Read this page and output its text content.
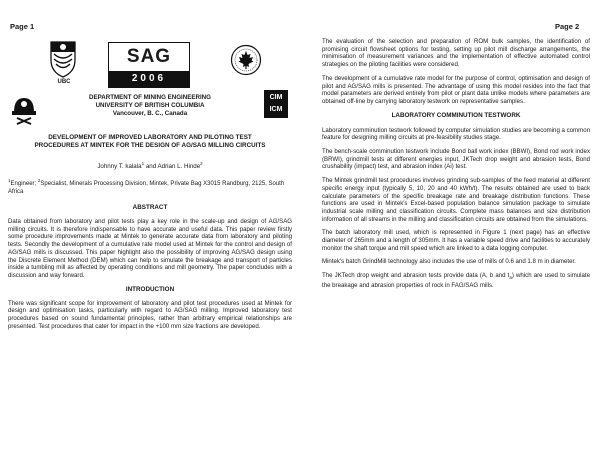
Page 1	Page 2
UBC
SAG
2006
DEPARTMENT OF MINING ENGINEERING
UNIVERSITY OF BRITISH COLUMBIA
Vancouver, B. C., Canada
CIM
ICM
DEVELOPMENT OF IMPROVED LABORATORY AND PILOTING TEST PROCEDURES AT MINTEK FOR THE DESIGN OF AG/SAG MILLING CIRCUITS
Johnny T. kalala$^1$ and Adrian L. Hinde$^2$
$^1$Engineer; $^2$Specialist, Minerals Processing Division, Mintek, Private Bag X3015 Randburg, 2125, South Africa
ABSTRACT
Data obtained from laboratory and pilot tests play a key role in the scale-up and design of AG/SAG milling circuits. It is therefore indispensable to have accurate and useful data. This paper review firstly some procedure improvements made at Mintek to generate accurate data from laboratory and piloting tests. Secondly the development of a cumulative rate model used at Mintek for the control and design of AG/SAG mills is discussed. This paper highlight also the possibility of improving AG/SAG design using the Discrete Element Method (DEM) which can help to simulate the breakage and transport of particles inside a tumbling mill as affected by operating conditions and mill geometry. The paper concludes with a discussion and way forward.
INTRODUCTION
There was significant scope for improvement of laboratory and pilot test procedures used at Mintek for design and optimisation tasks, particularly with regard to AG/SAG milling. Improved laboratory test procedures based on sound fundamental principles, rather than arbitrary empirical relationships are presented. Test procedures that cater for impact in the +100 mm size fractions are developed.
The evaluation of the selection and preparation of ROM bulk samples, the identification of promising circuit flowsheet options for testing, setting up pilot mill discharge arrangements, the minimisation of measurement variances and the implementation of effective automated control strategies on the piloting facilities were considered.
The development of a cumulative rate model for the purpose of control, optimisation and design of pilot and AG/SAG mills is presented. The advantage of using this model resides into the fact that model parameters are derived entirely from pilot or plant data unlike models where parameters are obtained off-line by carrying laboratory testwork on representative samples.
LABORATORY COMMINUTION TESTWORK
Laboratory comminution testwork followed by computer simulation studies are becoming a common feature for designing milling circuits at pre-feasibility studies stage.
The bench-scale comminution testwork include Bond ball work index (BBWI), Bond rod work index (BRWI), grindmill tests at different energies input, JKTech drop weight and abrasion tests, Bond crushability (impact) test, and abrasion index (Ai) test.
The Mintek grindmill test procedures involves grinding sub-samples of the feed material at different specific energy input (typically 5, 10, 20 and 40 kWh/t). The results obtained are used to back calculate parameters of the specific breakage rate and breakage distribution functions. These functions are used in Mintek's Excel-based population balance simulation package to simulate industrial scale milling and classification circuits. Complete mass balances and size distribution information of all streams in the milling and classification circuits are obtained from the simulations.
The batch laboratory mill used, which is represented in Figure 1 (next page) has an effective diameter of 265mm and a length of 305mm. It has a variable speed drive and facilities to accurately monitor the shaft torque and mill speed which are linked to a data logging computer.
Mintek's batch GrindMill technology also includes the use of mills of 0.6 and 1.8 m in diameter.
The JKTech drop weight and abrasion tests provide data (A, b and $t_a$) which are used to simulate the breakage and abrasion properties of rock in FAG/SAG mills.
